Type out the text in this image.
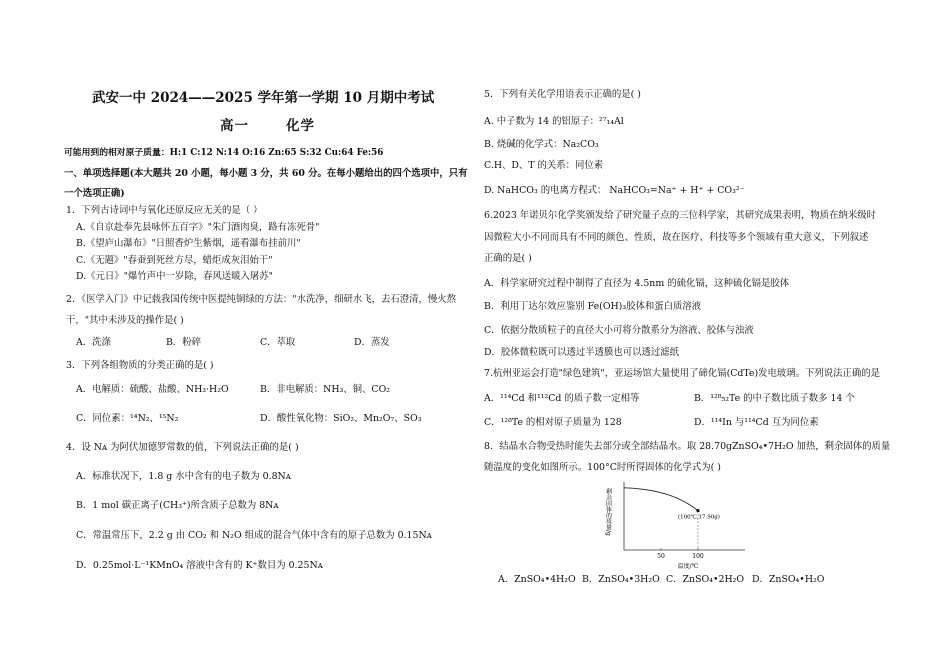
武安一中 2024——2025 学年第一学期 10 月期中考试
高一	化学
可能用到的相对原子质量：H:1 C:12 N:14 O:16 Zn:65 S:32 Cu:64 Fe:56
一、单项选择题(本大题共 20 小题，每小题 3 分，共 60 分。在每小题给出的四个选项中，只有
一个选项正确)
1．下列古诗词中与氧化还原反应无关的是（ ）
A.《自京赴奉先县咏怀五百字》"朱门酒肉臭，路有冻死骨"
B.《望庐山瀑布》"日照香炉生紫烟，遥看瀑布挂前川"
C.《无题》"春蚕到死丝方尽，蜡炬成灰泪始干"
D.《元日》"爆竹声中一岁除，春风送暖入屠苏"
2．《医学入门》中记载我国传统中医提纯铜绿的方法："水洗净，细研水飞，去石澄清，慢火熬
干，"其中未涉及的操作是( )
A．洗涤	B．粉碎	C．萃取	D．蒸发
3．下列各组物质的分类正确的是( )
A．电解质：硫酸、盐酸、NH₃·H₂O	B．非电解质：NH₃、铜、CO₂
C．同位素：¹⁴N₂、¹⁵N₂	D．酸性氧化物：SiO₂、Mn₂O₇、SO₃
4．设 Nᴀ 为阿伏加德罗常数的值，下列说法正确的是( )
A．标准状况下，1.8 g 水中含有的电子数为 0.8Nᴀ
B．1 mol 碳正离子(CH₃⁺)所含质子总数为 8Nᴀ
C．常温常压下，2.2 g 由 CO₂ 和 N₂O 组成的混合气体中含有的原子总数为 0.15Nᴀ
D．0.25mol·L⁻¹KMnO₄ 溶液中含有的 K⁺数目为 0.25Nᴀ
5．下列有关化学用语表示正确的是( )
A. 中子数为 14 的铝原子：²⁷₁₄Al
B. 烧碱的化学式：Na₂CO₃
C.H、D、T 的关系：同位素
D. NaHCO₃ 的电离方程式： NaHCO₃=Na⁺ + H⁺ + CO₃²⁻
6.2023 年诺贝尔化学奖颁发给了研究量子点的三位科学家，其研究成果表明，物质在纳米级时
因微粒大小不同而具有不同的颜色、性质，故在医疗、科技等多个领域有重大意义，下列叙述
正确的是( )
A．科学家研究过程中制得了直径为 4.5nm 的硫化镉，这种硫化镉是胶体
B．利用丁达尔效应鉴别 Fe(OH)₃胶体和蛋白质溶液
C．依据分散质粒子的直径大小可将分散系分为溶液、胶体与浊液
D．胶体微粒既可以透过半透膜也可以透过滤纸
7.杭州亚运会打造"绿色建筑"，亚运场馆大量使用了碲化镉(CdTe)发电玻璃。下列说法正确的是
A．¹¹⁴Cd 和¹¹²Cd 的质子数一定相等	B．¹²⁸₅₂Te 的中子数比质子数多 14 个
C．¹²⁸Te 的相对原子质量为 128	D．¹¹⁴In 与¹¹⁴Cd 互为同位素
8．结晶水合物受热时能失去部分或全部结晶水。取 28.70gZnSO₄•7H₂O 加热，剩余固体的质量
随温度的变化如图所示。100°C时所得固体的化学式为( )
A．ZnSO₄•4H₂O B．ZnSO₄•3H₂O C．ZnSO₄•2H₂O D．ZnSO₄•H₂O
剩余固体的质量/g	(100℃,17.90g)
50	100
温度/℃
